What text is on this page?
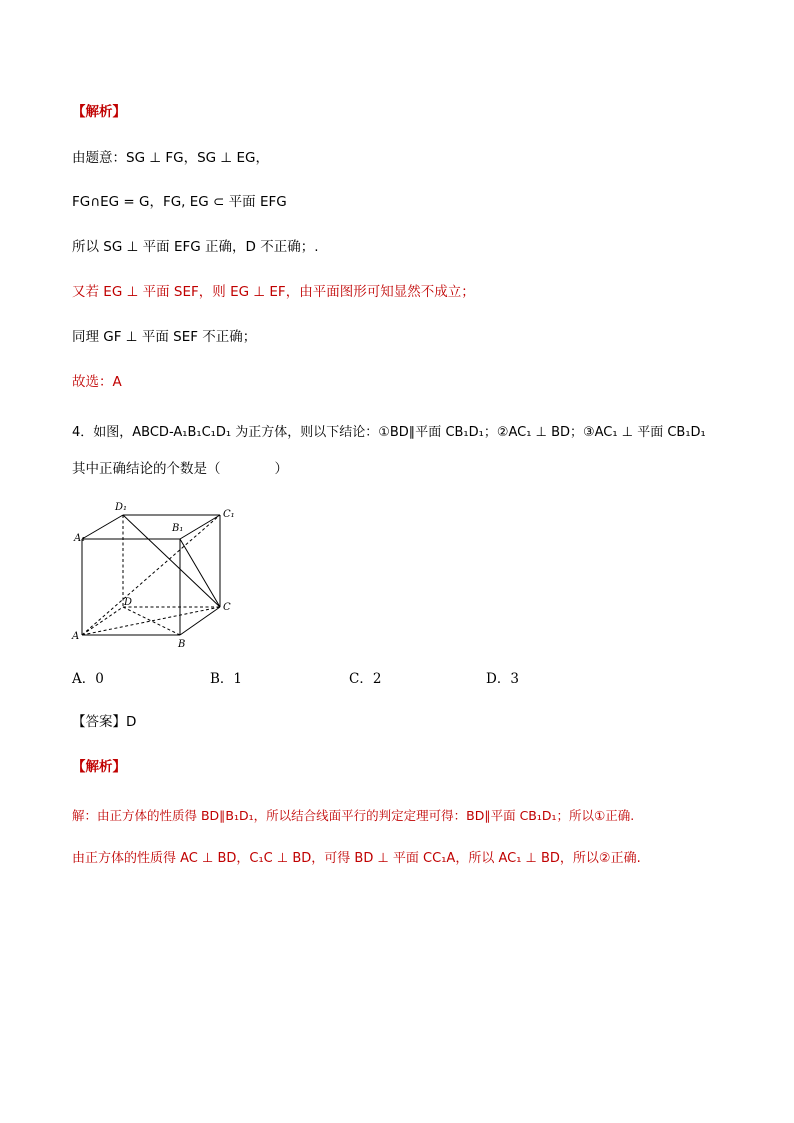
【解析】
由题意：SG ⊥ FG，SG ⊥ EG，
FG∩EG = G，FG, EG ⊂ 平面 EFG
所以 SG ⊥ 平面 EFG 正确，D 不正确；.
又若 EG ⊥ 平面 SEF，则 EG ⊥ EF，由平面图形可知显然不成立；
同理 GF ⊥ 平面 SEF 不正确；
故选：A
4．如图，ABCD-A₁B₁C₁D₁ 为正方体，则以下结论：①BD∥平面 CB₁D₁；②AC₁ ⊥ BD；③AC₁ ⊥ 平面 CB₁D₁
其中正确结论的个数是（　　　　）
D₁
C₁
B₁
A₁
D	C
A
B
A．0	B．1	C．2	D．3
【答案】D
【解析】
解：由正方体的性质得 BD∥B₁D₁，所以结合线面平行的判定定理可得：BD∥平面 CB₁D₁；所以①正确.
由正方体的性质得 AC ⊥ BD，C₁C ⊥ BD，可得 BD ⊥ 平面 CC₁A，所以 AC₁ ⊥ BD，所以②正确.
